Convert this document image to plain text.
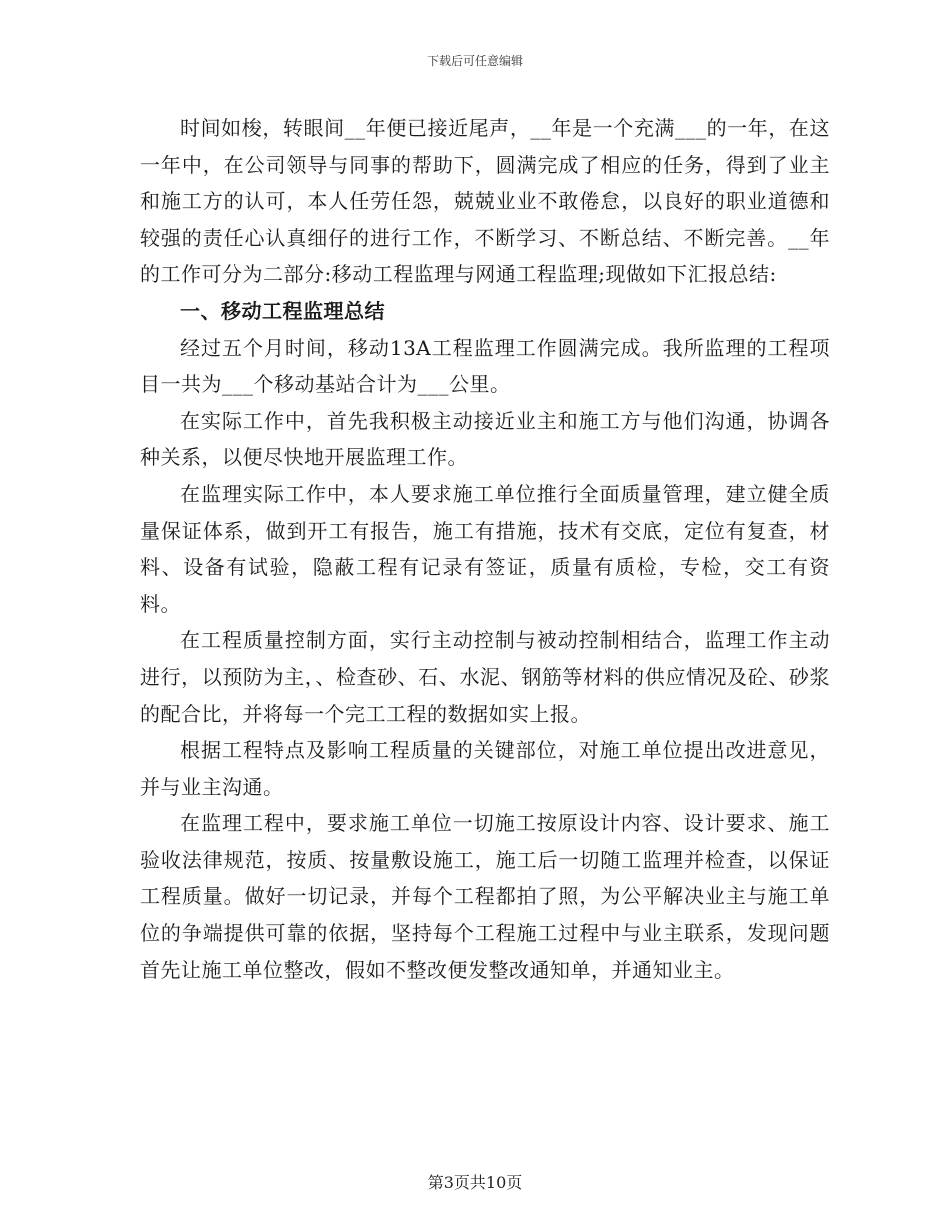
下载后可任意编辑

时间如梭，转眼间__年便已接近尾声，__年是一个充满___的一年，在这一年中，在公司领导与同事的帮助下，圆满完成了相应的任务，得到了业主和施工方的认可，本人任劳任怨，兢兢业业不敢倦怠，以良好的职业道德和较强的责任心认真细仔的进行工作，不断学习、不断总结、不断完善。__年的工作可分为二部分:移动工程监理与网通工程监理;现做如下汇报总结:

一、移动工程监理总结

经过五个月时间，移动13A工程监理工作圆满完成。我所监理的工程项目一共为___个移动基站合计为___公里。

在实际工作中，首先我积极主动接近业主和施工方与他们沟通，协调各种关系，以便尽快地开展监理工作。

在监理实际工作中，本人要求施工单位推行全面质量管理，建立健全质量保证体系，做到开工有报告，施工有措施，技术有交底，定位有复查，材料、设备有试验，隐蔽工程有记录有签证，质量有质检，专检，交工有资料。

在工程质量控制方面，实行主动控制与被动控制相结合，监理工作主动进行，以预防为主，、检查砂、石、水泥、钢筋等材料的供应情况及砼、砂浆的配合比，并将每一个完工工程的数据如实上报。

根据工程特点及影响工程质量的关键部位，对施工单位提出改进意见，并与业主沟通。

在监理工程中，要求施工单位一切施工按原设计内容、设计要求、施工验收法律规范，按质、按量敷设施工，施工后一切随工监理并检查，以保证工程质量。做好一切记录，并每个工程都拍了照，为公平解决业主与施工单位的争端提供可靠的依据，坚持每个工程施工过程中与业主联系，发现问题首先让施工单位整改，假如不整改便发整改通知单，并通知业主。

第3页共10页
